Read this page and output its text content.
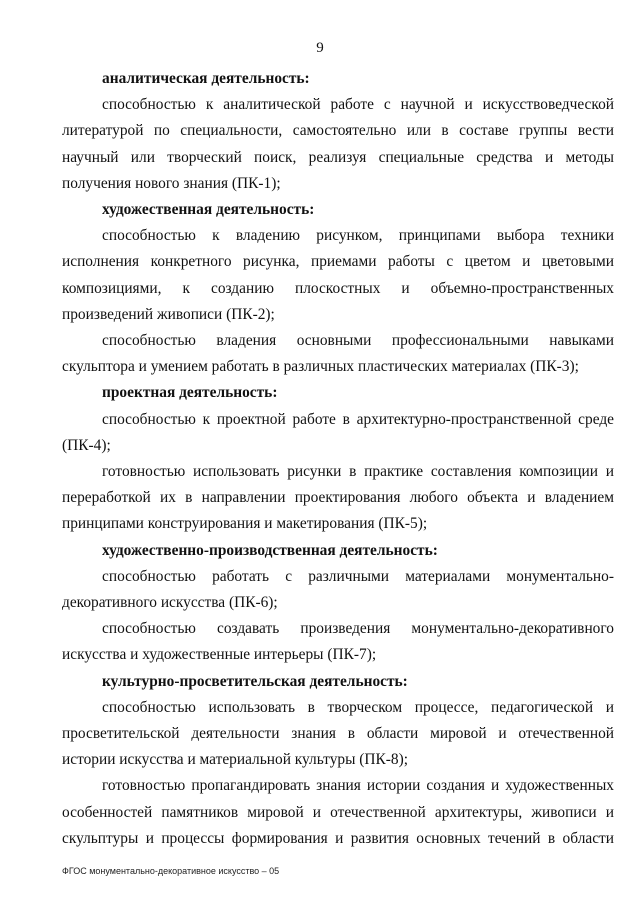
9

аналитическая деятельность:

способностью к аналитической работе с научной и искусствоведческой литературой по специальности, самостоятельно или в составе группы вести научный или творческий поиск, реализуя специальные средства и методы получения нового знания (ПК-1);

художественная деятельность:

способностью к владению рисунком, принципами выбора техники исполнения конкретного рисунка, приемами работы с цветом и цветовыми композициями, к созданию плоскостных и объемно-пространственных произведений живописи (ПК-2);

способностью владения основными профессиональными навыками скульптора и умением работать в различных пластических материалах (ПК-3);

проектная деятельность:

способностью к проектной работе в архитектурно-пространственной среде (ПК-4);

готовностью использовать рисунки в практике составления композиции и переработкой их в направлении проектирования любого объекта и владением принципами конструирования и макетирования (ПК-5);

художественно-производственная деятельность:

способностью работать с различными материалами монументально-декоративного искусства (ПК-6);

способностью создавать произведения монументально-декоративного искусства и художественные интерьеры (ПК-7);

культурно-просветительская деятельность:

способностью использовать в творческом процессе, педагогической и просветительской деятельности знания в области мировой и отечественной истории искусства и материальной культуры (ПК-8);

готовностью пропагандировать знания истории создания и художественных особенностей памятников мировой и отечественной архитектуры, живописи и скульптуры и процессы формирования и развития основных течений в области

ФГОС монументально-декоративное искусство – 05
